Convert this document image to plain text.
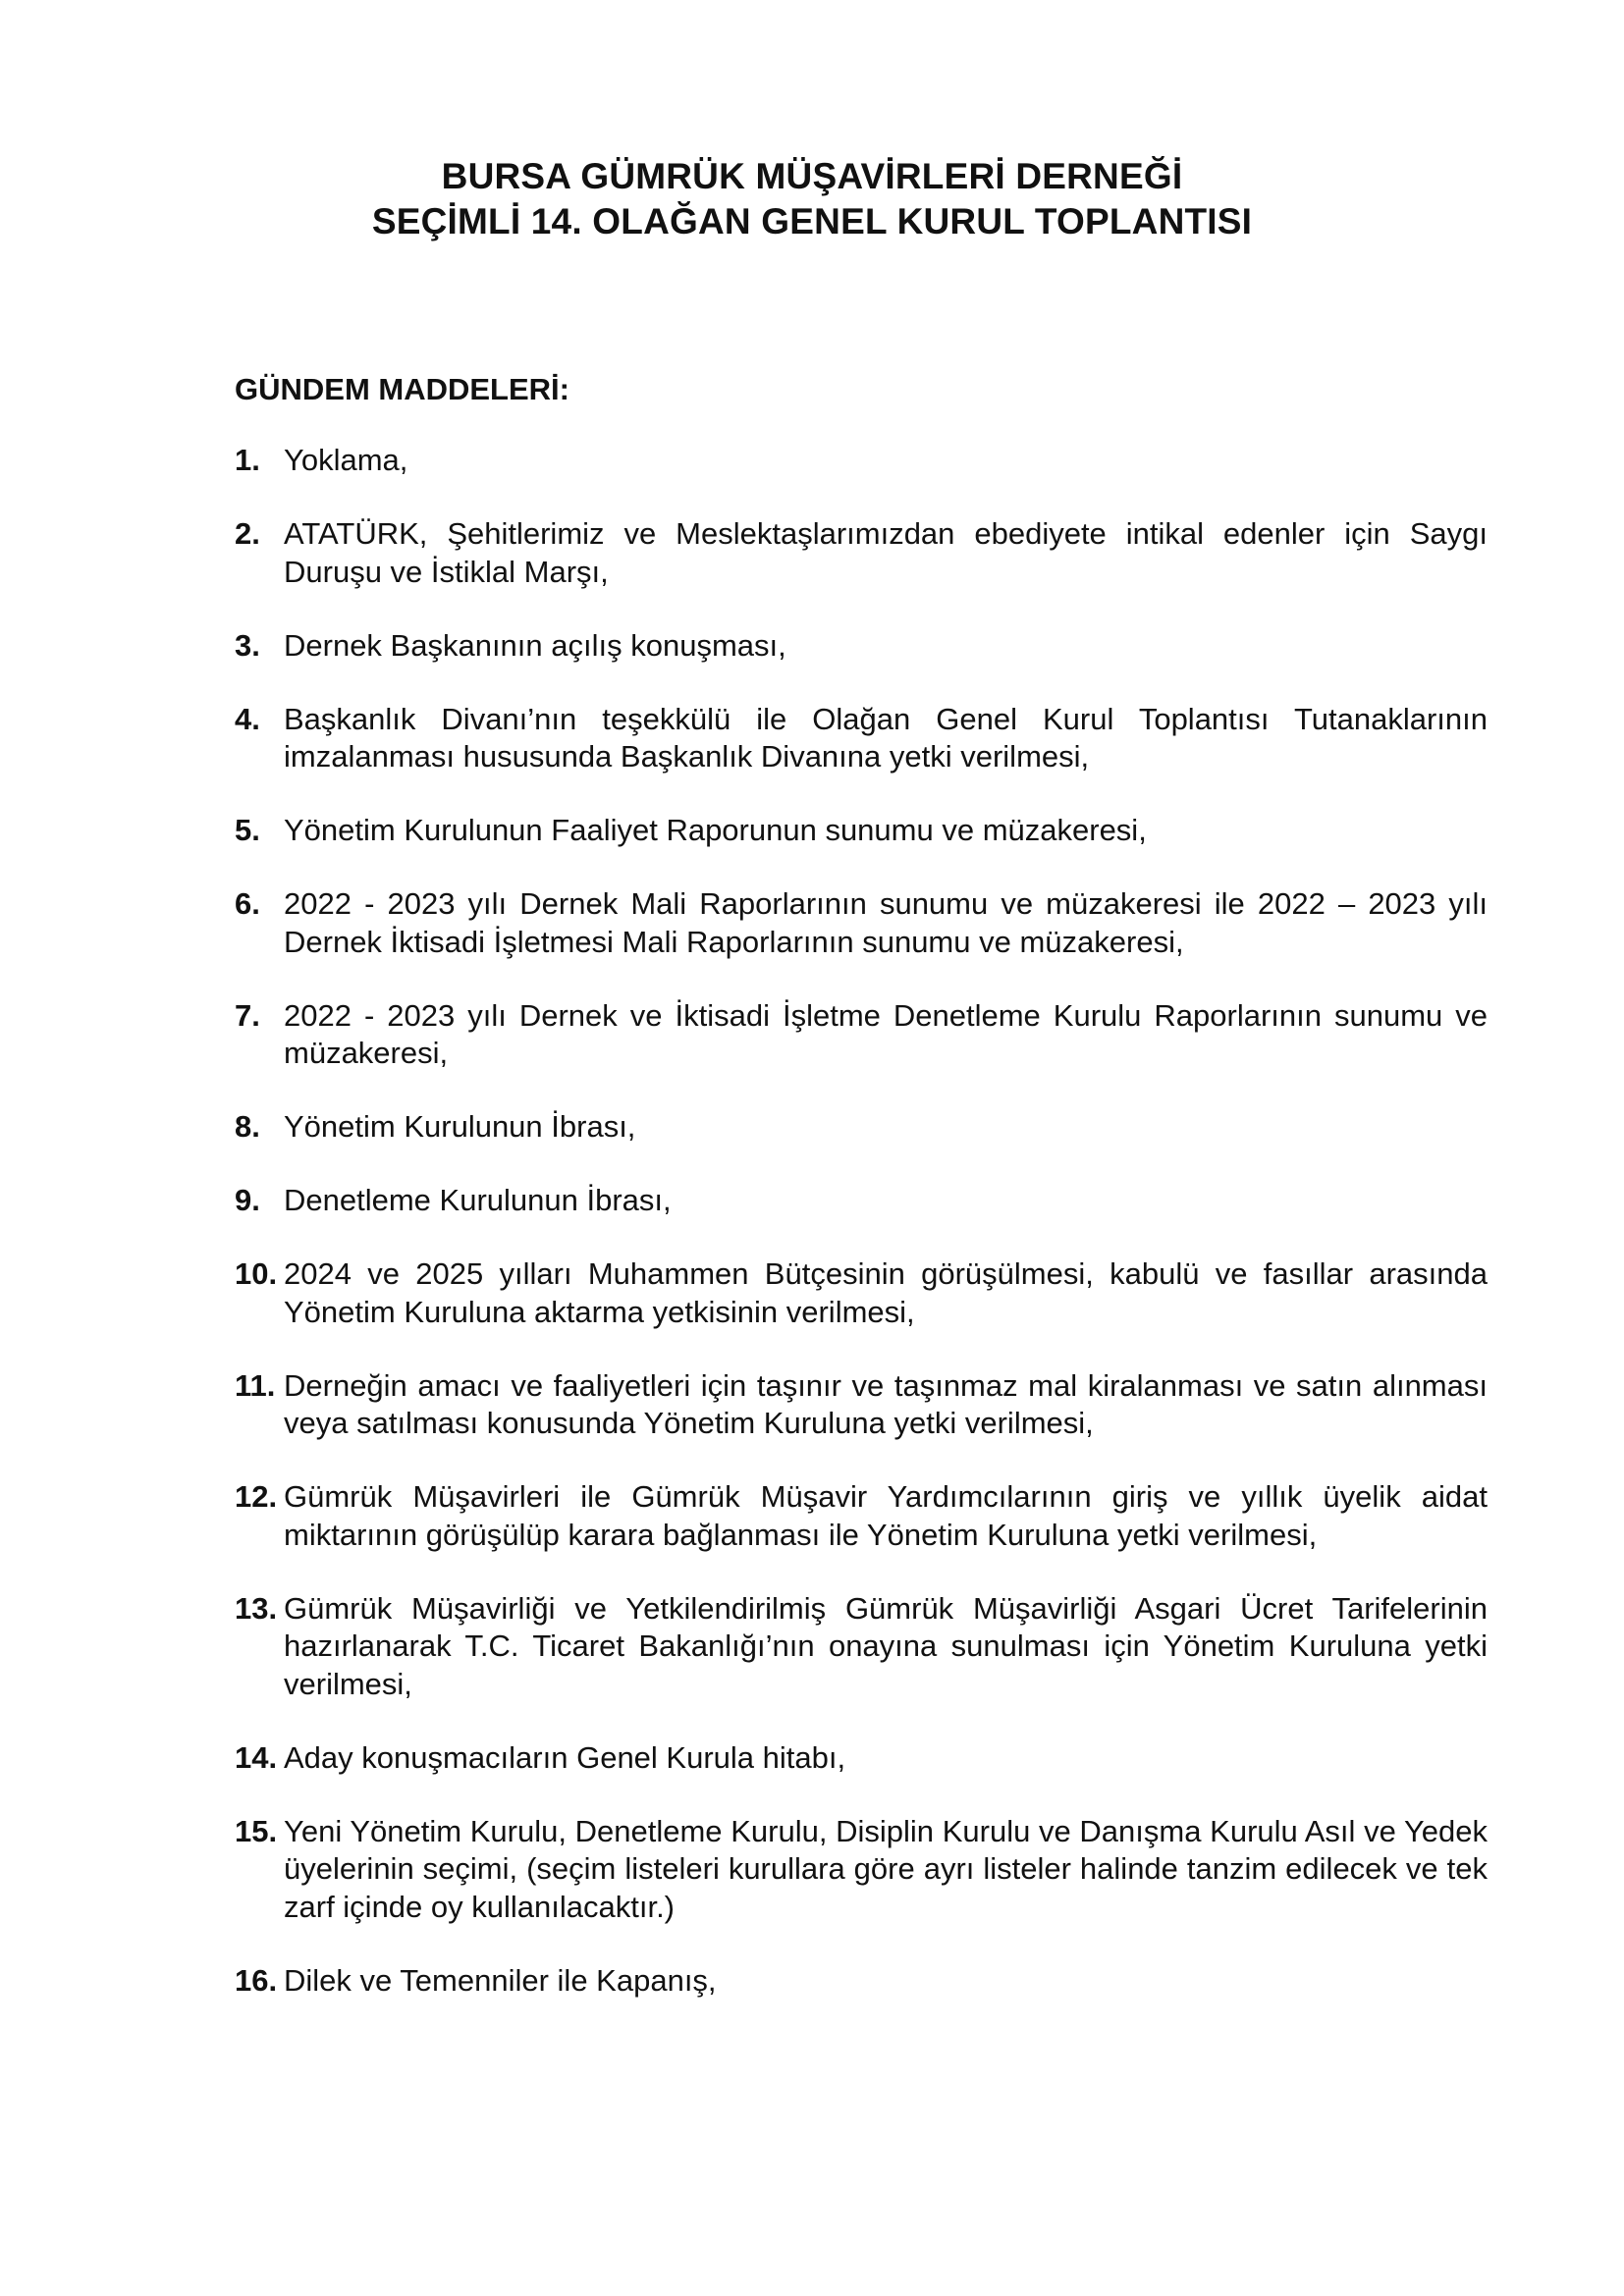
BURSA GÜMRÜK MÜŞAVİRLERİ DERNEĞİ
SEÇİMLİ 14. OLAĞAN GENEL KURUL TOPLANTISI
GÜNDEM MADDELERİ:
1. Yoklama,
2. ATATÜRK, Şehitlerimiz ve Meslektaşlarımızdan ebediyete intikal edenler için Saygı Duruşu ve İstiklal Marşı,
3. Dernek Başkanının açılış konuşması,
4. Başkanlık Divanı’nın teşekkülü ile Olağan Genel Kurul Toplantısı Tutanaklarının imzalanması hususunda Başkanlık Divanına yetki verilmesi,
5. Yönetim Kurulunun Faaliyet Raporunun sunumu ve müzakeresi,
6. 2022 - 2023 yılı Dernek Mali Raporlarının sunumu ve müzakeresi ile 2022 – 2023 yılı Dernek İktisadi İşletmesi Mali Raporlarının sunumu ve müzakeresi,
7. 2022 - 2023 yılı Dernek ve İktisadi İşletme Denetleme Kurulu Raporlarının sunumu ve müzakeresi,
8. Yönetim Kurulunun İbrası,
9. Denetleme Kurulunun İbrası,
10. 2024 ve 2025 yılları Muhammen Bütçesinin görüşülmesi, kabulü ve fasıllar arasında Yönetim Kuruluna aktarma yetkisinin verilmesi,
11. Derneğin amacı ve faaliyetleri için taşınır ve taşınmaz mal kiralanması ve satın alınması veya satılması konusunda Yönetim Kuruluna yetki verilmesi,
12. Gümrük Müşavirleri ile Gümrük Müşavir Yardımcılarının giriş ve yıllık üyelik aidat miktarının görüşülüp karara bağlanması ile Yönetim Kuruluna yetki verilmesi,
13. Gümrük Müşavirliği ve Yetkilendirilmiş Gümrük Müşavirliği Asgari Ücret Tarifelerinin hazırlanarak T.C. Ticaret Bakanlığı’nın onayına sunulması için Yönetim Kuruluna yetki verilmesi,
14. Aday konuşmacıların Genel Kurula hitabı,
15. Yeni Yönetim Kurulu, Denetleme Kurulu, Disiplin Kurulu ve Danışma Kurulu Asıl ve Yedek üyelerinin seçimi, (seçim listeleri kurullara göre ayrı listeler halinde tanzim edilecek ve tek zarf içinde oy kullanılacaktır.)
16. Dilek ve Temenniler ile Kapanış,
